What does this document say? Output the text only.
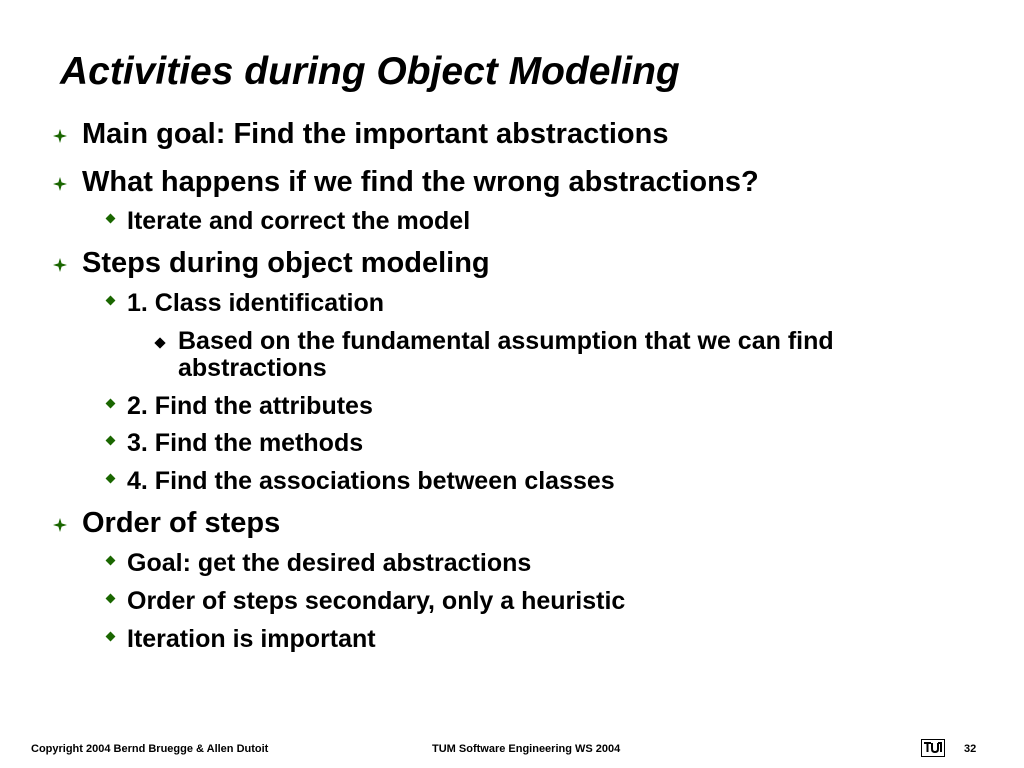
Activities during Object Modeling
Main goal: Find the important abstractions
What happens if we find the wrong abstractions?
Iterate and correct the model
Steps during object modeling
1. Class identification
Based on the fundamental assumption that we can find
abstractions
2. Find the attributes
3. Find the methods
4. Find the associations between classes
Order of steps
Goal: get the desired abstractions
Order of steps secondary, only a heuristic
Iteration is important
Copyright 2004 Bernd Bruegge & Allen Dutoit	TUM Software Engineering WS 2004	32
